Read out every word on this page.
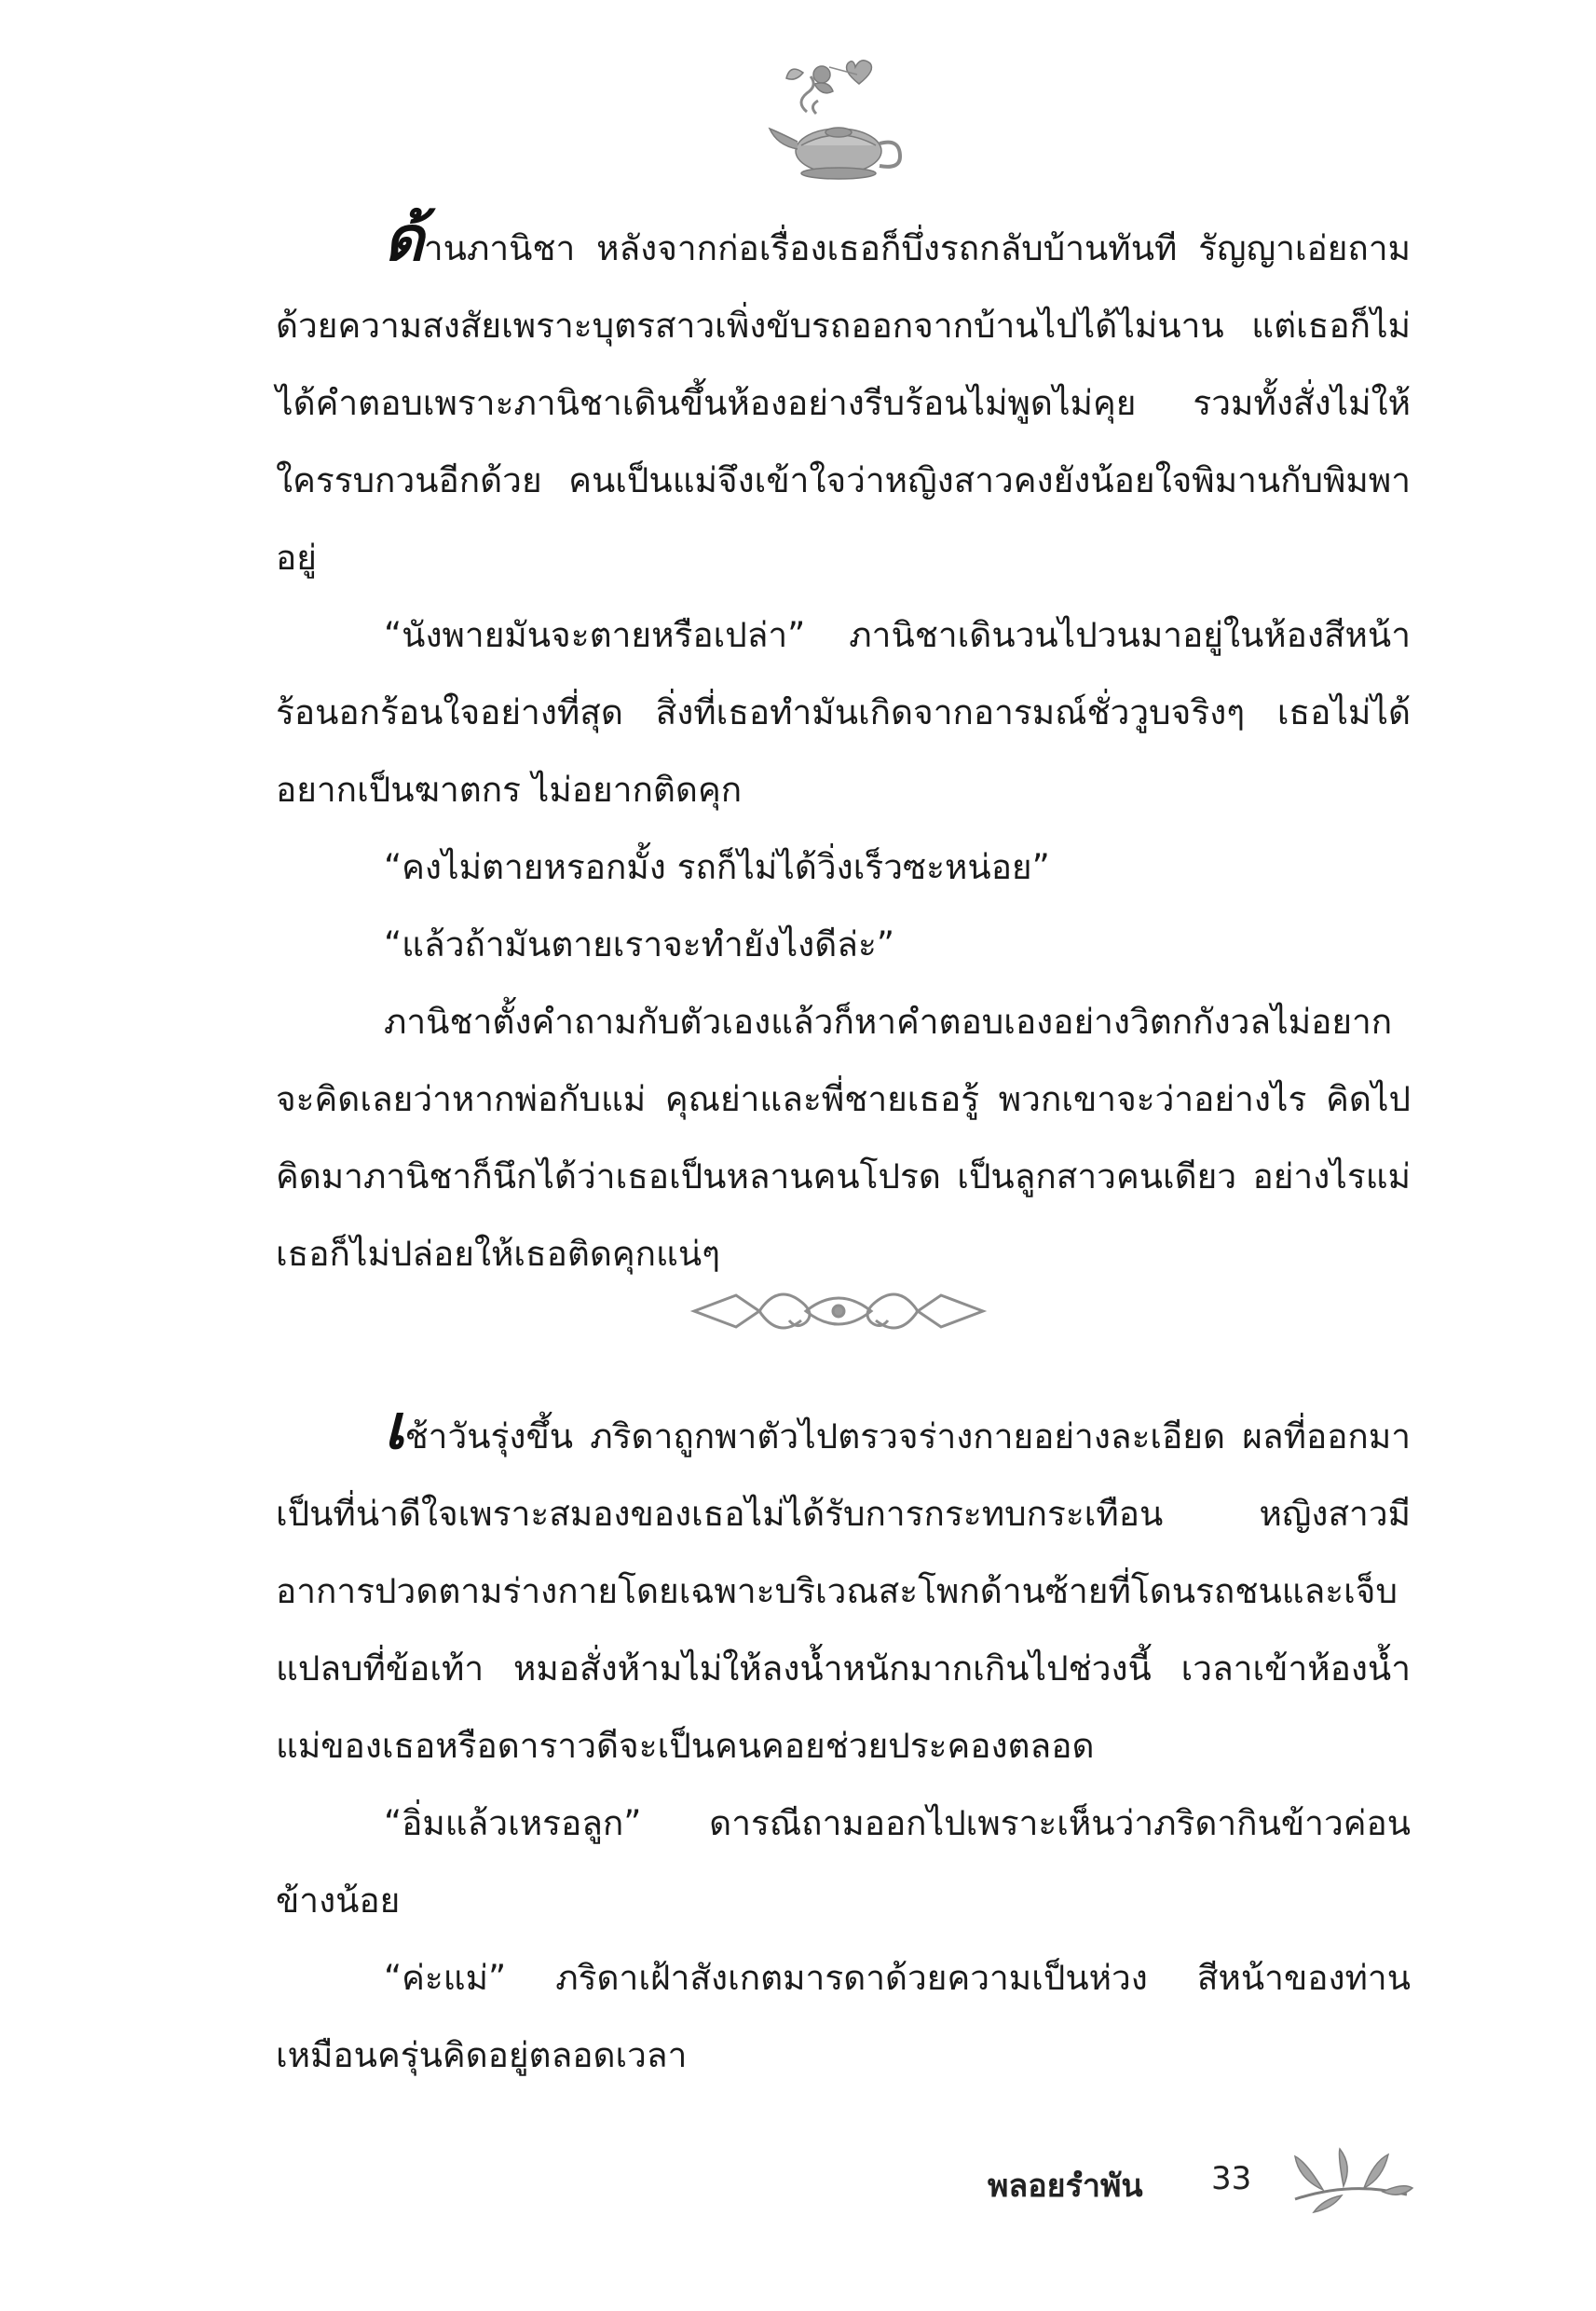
ด้านภานิชา หลังจากก่อเรื่องเธอก็บึ่งรถกลับบ้านทันที รัญญาเอ่ยถามด้วยความสงสัยเพราะบุตรสาวเพิ่งขับรถออกจากบ้านไปได้ไม่นาน แต่เธอก็ไม่ได้คำตอบเพราะภานิชาเดินขึ้นห้องอย่างรีบร้อนไม่พูดไม่คุย รวมทั้งสั่งไม่ให้ใครรบกวนอีกด้วย คนเป็นแม่จึงเข้าใจว่าหญิงสาวคงยังน้อยใจพิมานกับพิมพาอยู่

“นังพายมันจะตายหรือเปล่า” ภานิชาเดินวนไปวนมาอยู่ในห้องสีหน้าร้อนอกร้อนใจอย่างที่สุด สิ่งที่เธอทำมันเกิดจากอารมณ์ชั่ววูบจริงๆ เธอไม่ได้อยากเป็นฆาตกร ไม่อยากติดคุก

“คงไม่ตายหรอกมั้ง รถก็ไม่ได้วิ่งเร็วซะหน่อย”

“แล้วถ้ามันตายเราจะทำยังไงดีล่ะ”

ภานิชาตั้งคำถามกับตัวเองแล้วก็หาคำตอบเองอย่างวิตกกังวลไม่อยากจะคิดเลยว่าหากพ่อกับแม่ คุณย่าและพี่ชายเธอรู้ พวกเขาจะว่าอย่างไร คิดไปคิดมาภานิชาก็นึกได้ว่าเธอเป็นหลานคนโปรด เป็นลูกสาวคนเดียว อย่างไรแม่เธอก็ไม่ปล่อยให้เธอติดคุกแน่ๆ

เช้าวันรุ่งขึ้น ภริดาถูกพาตัวไปตรวจร่างกายอย่างละเอียด ผลที่ออกมาเป็นที่น่าดีใจเพราะสมองของเธอไม่ได้รับการกระทบกระเทือน หญิงสาวมีอาการปวดตามร่างกายโดยเฉพาะบริเวณสะโพกด้านซ้ายที่โดนรถชนและเจ็บแปลบที่ข้อเท้า หมอสั่งห้ามไม่ให้ลงน้ำหนักมากเกินไปช่วงนี้ เวลาเข้าห้องน้ำแม่ของเธอหรือดาราวดีจะเป็นคนคอยช่วยประคองตลอด

“อิ่มแล้วเหรอลูก” ดารณีถามออกไปเพราะเห็นว่าภริดากินข้าวค่อนข้างน้อย

“ค่ะแม่” ภริดาเฝ้าสังเกตมารดาด้วยความเป็นห่วง สีหน้าของท่านเหมือนครุ่นคิดอยู่ตลอดเวลา

พลอยรำพัน 33
